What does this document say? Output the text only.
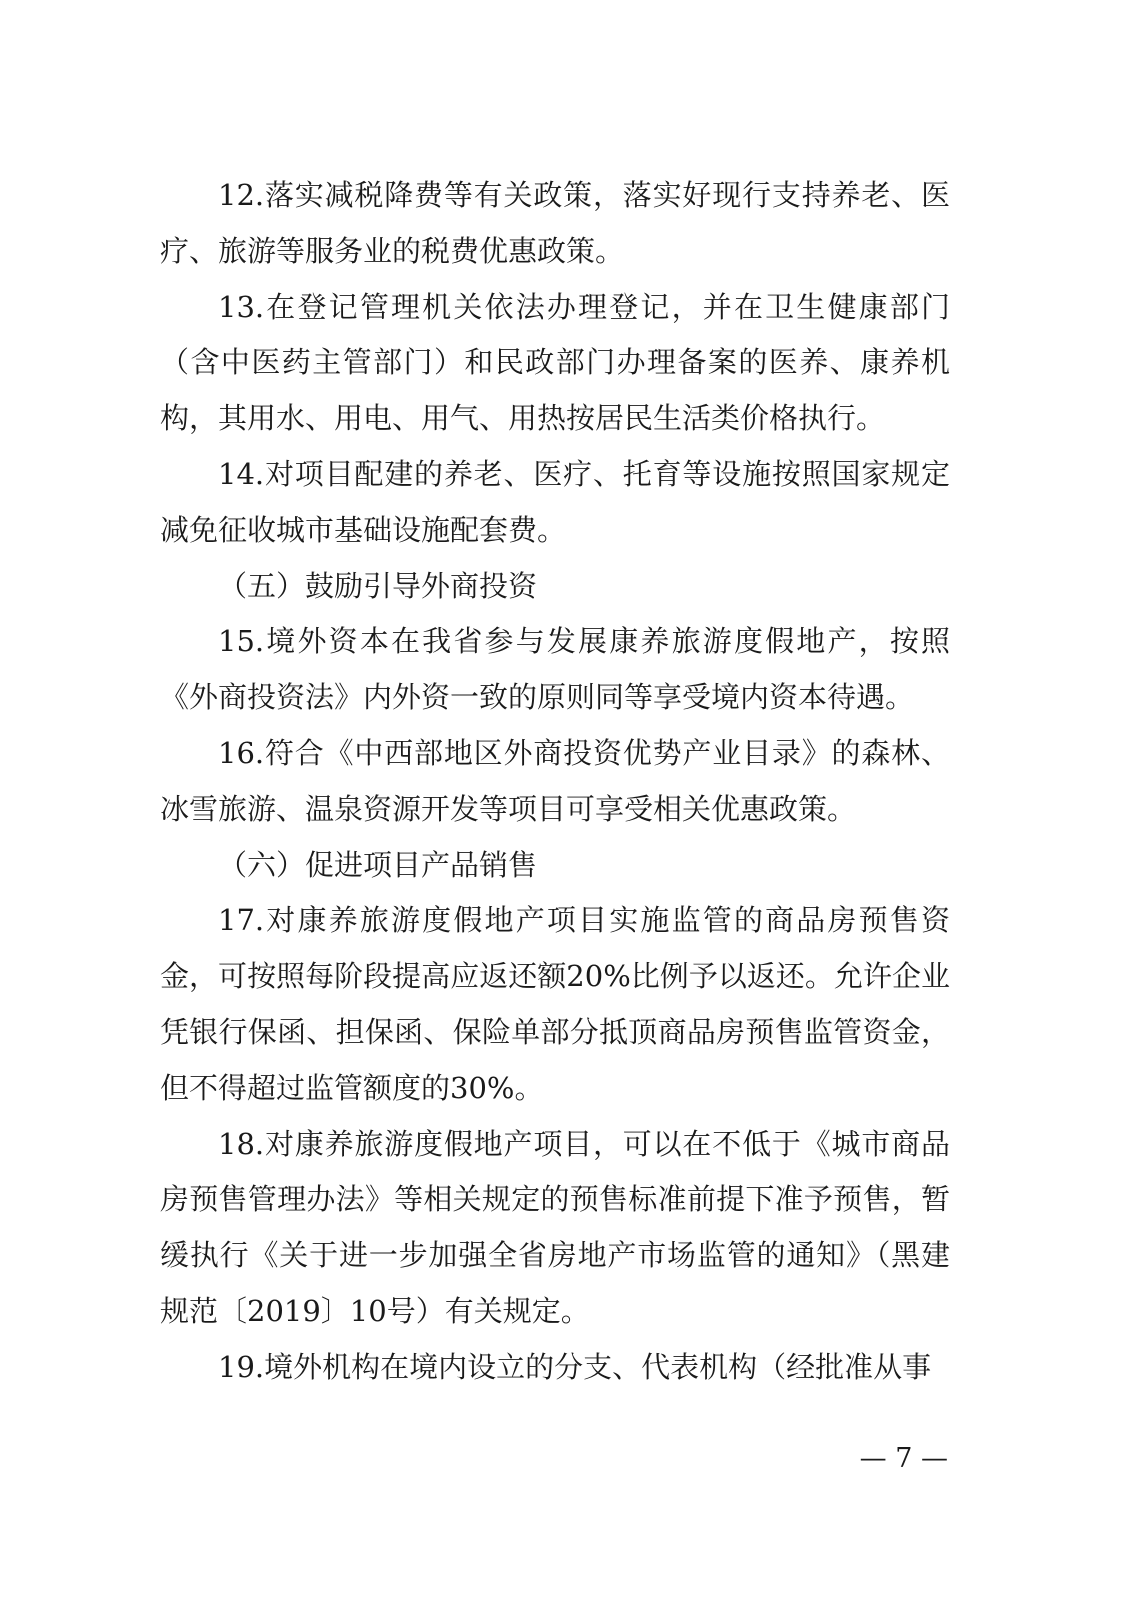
12.落实减税降费等有关政策，落实好现行支持养老、医疗、旅游等服务业的税费优惠政策。

13.在登记管理机关依法办理登记，并在卫生健康部门（含中医药主管部门）和民政部门办理备案的医养、康养机构，其用水、用电、用气、用热按居民生活类价格执行。

14.对项目配建的养老、医疗、托育等设施按照国家规定减免征收城市基础设施配套费。

（五）鼓励引导外商投资

15.境外资本在我省参与发展康养旅游度假地产，按照《外商投资法》内外资一致的原则同等享受境内资本待遇。

16.符合《中西部地区外商投资优势产业目录》的森林、冰雪旅游、温泉资源开发等项目可享受相关优惠政策。

（六）促进项目产品销售

17.对康养旅游度假地产项目实施监管的商品房预售资金，可按照每阶段提高应返还额20%比例予以返还。允许企业凭银行保函、担保函、保险单部分抵顶商品房预售监管资金，但不得超过监管额度的30%。

18.对康养旅游度假地产项目，可以在不低于《城市商品房预售管理办法》等相关规定的预售标准前提下准予预售，暂缓执行《关于进一步加强全省房地产市场监管的通知》（黑建规范〔2019〕10号）有关规定。

19.境外机构在境内设立的分支、代表机构（经批准从事

— 7 —
